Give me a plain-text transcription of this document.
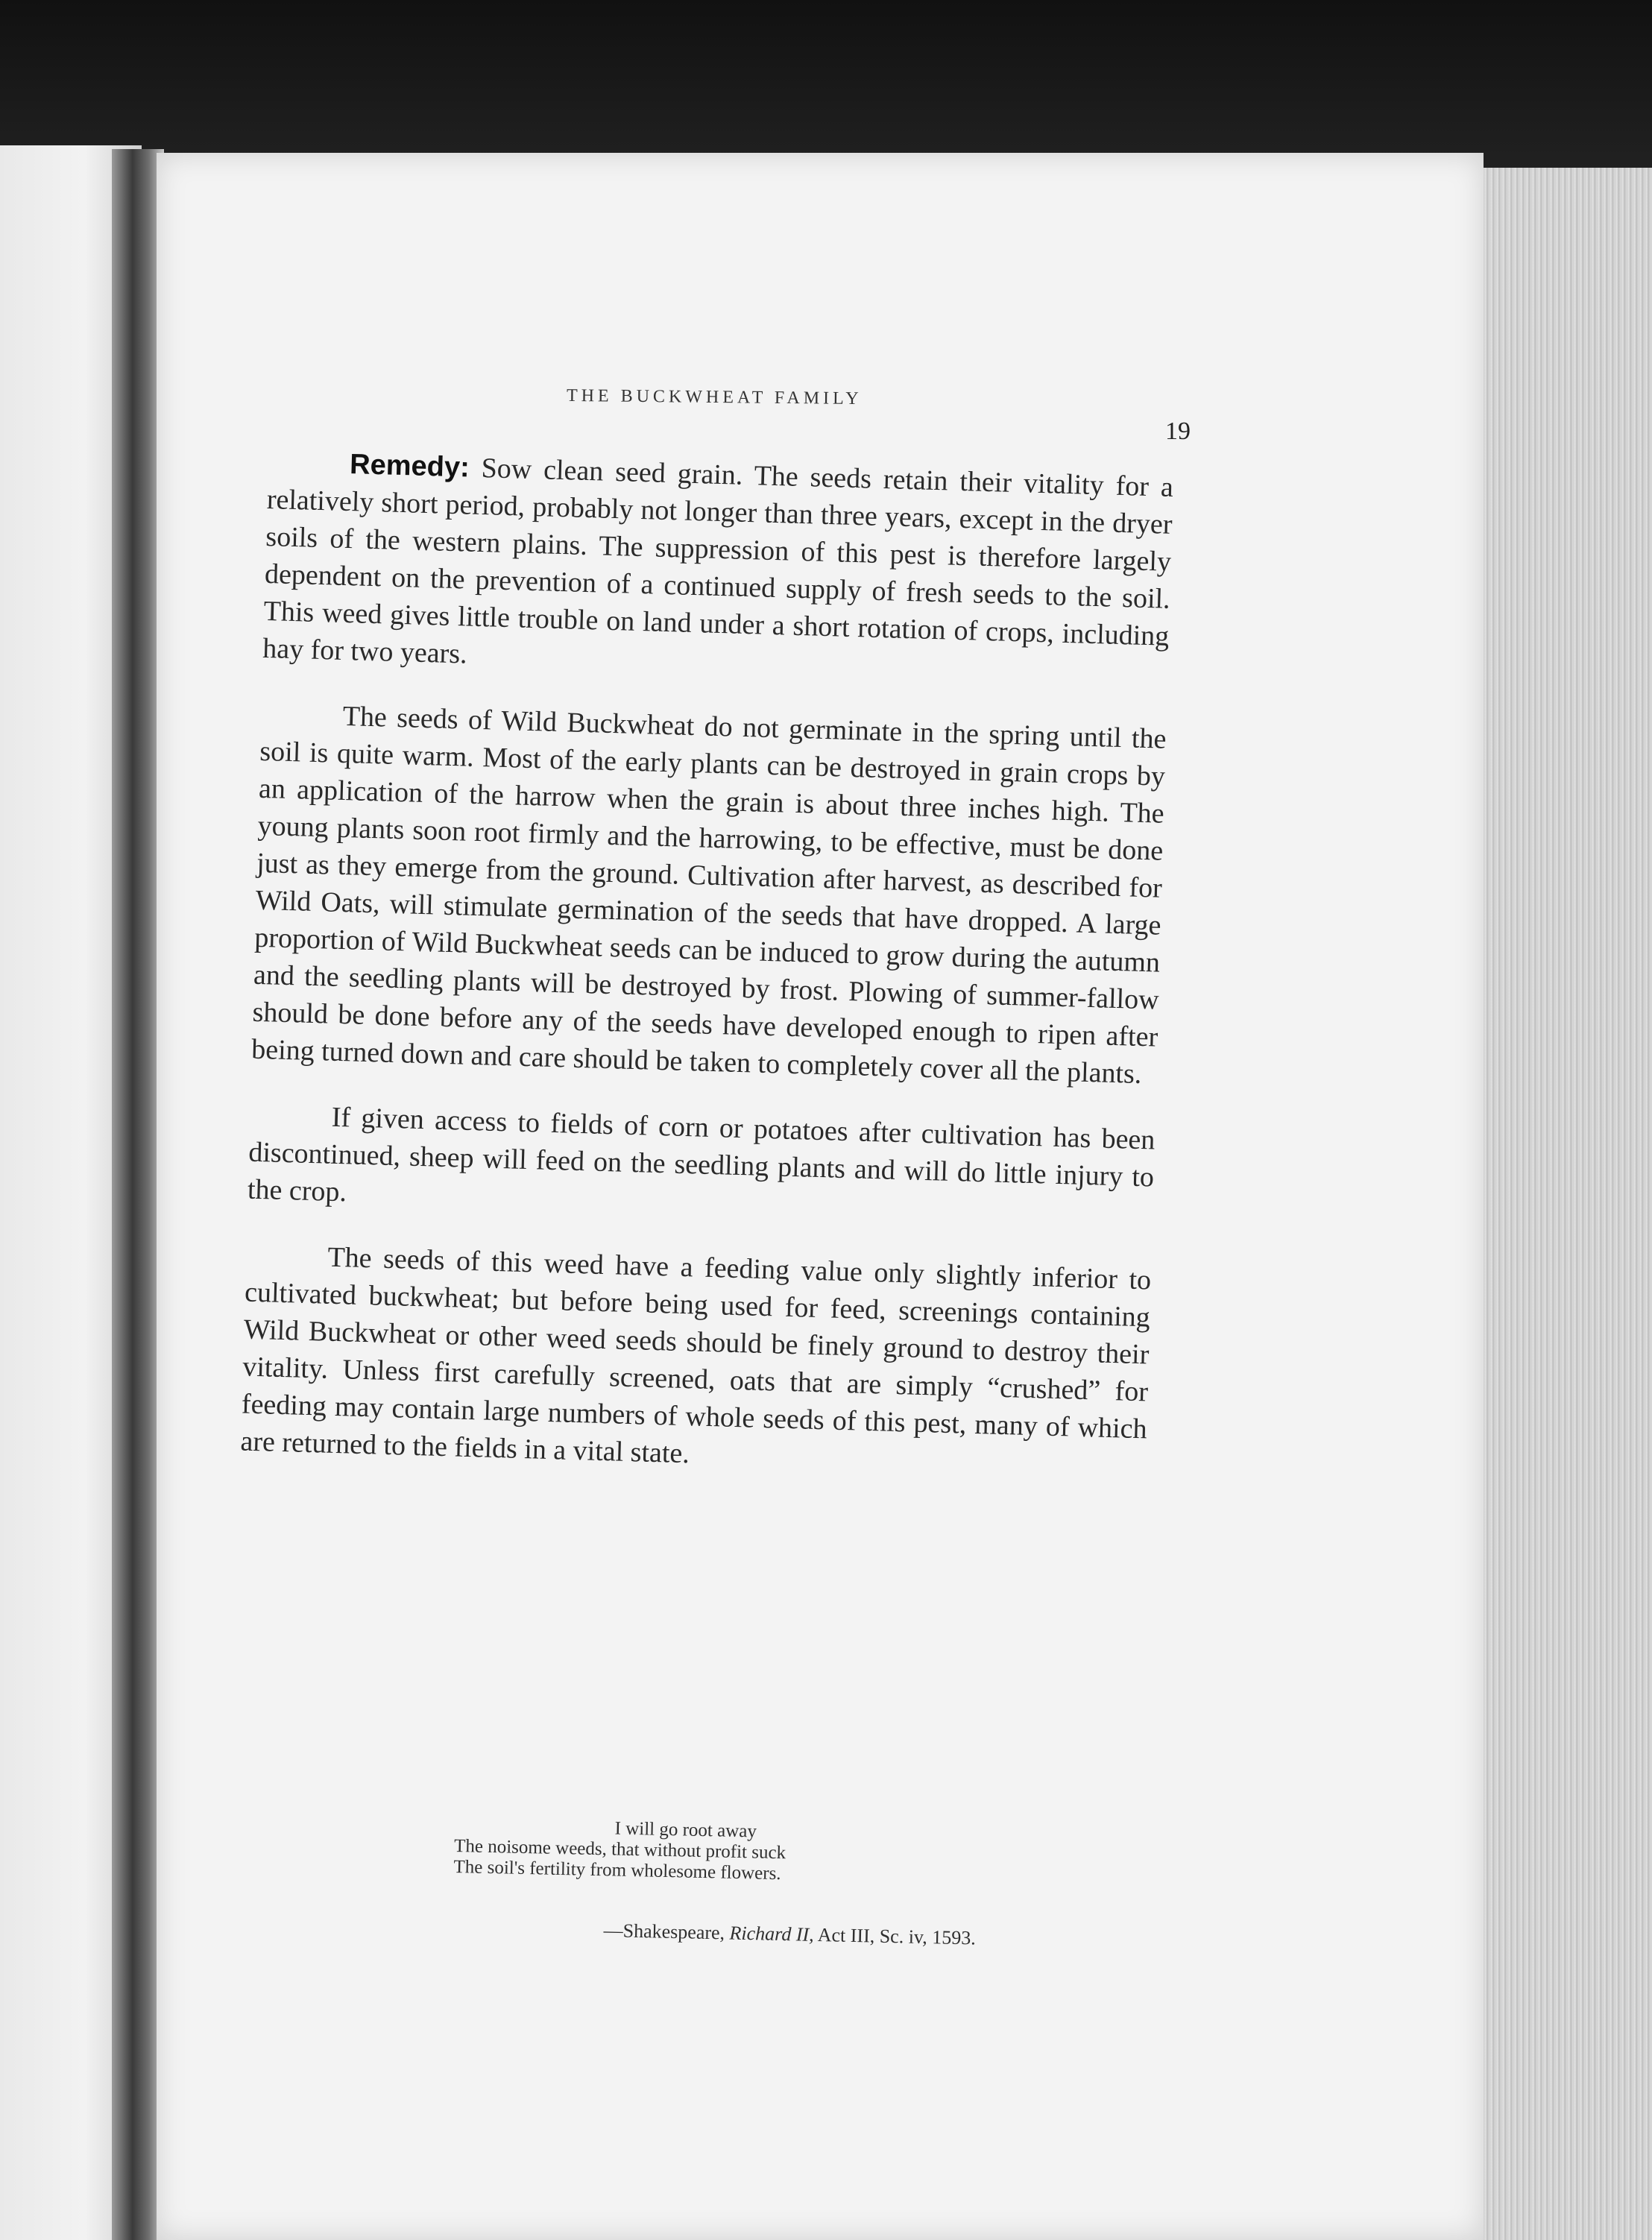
THE BUCKWHEAT FAMILY
19

Remedy: Sow clean seed grain. The seeds retain their vitality for a relatively short period, probably not longer than three years, except in the dryer soils of the western plains. The suppression of this pest is therefore largely dependent on the prevention of a continued supply of fresh seeds to the soil. This weed gives little trouble on land under a short rotation of crops, including hay for two years.

The seeds of Wild Buckwheat do not germinate in the spring until the soil is quite warm. Most of the early plants can be destroyed in grain crops by an application of the harrow when the grain is about three inches high. The young plants soon root firmly and the harrowing, to be effective, must be done just as they emerge from the ground. Cultivation after harvest, as described for Wild Oats, will stimulate germination of the seeds that have dropped. A large proportion of Wild Buckwheat seeds can be induced to grow during the autumn and the seedling plants will be destroyed by frost. Plowing of summer-fallow should be done before any of the seeds have developed enough to ripen after being turned down and care should be taken to completely cover all the plants.

If given access to fields of corn or potatoes after cultivation has been discontinued, sheep will feed on the seedling plants and will do little injury to the crop.

The seeds of this weed have a feeding value only slightly inferior to cultivated buckwheat; but before being used for feed, screenings containing Wild Buckwheat or other weed seeds should be finely ground to destroy their vitality. Unless first carefully screened, oats that are simply “crushed” for feeding may contain large numbers of whole seeds of this pest, many of which are returned to the fields in a vital state.

I will go root away
The noisome weeds, that without profit suck
The soil's fertility from wholesome flowers.
—Shakespeare, Richard II, Act III, Sc. iv, 1593.
